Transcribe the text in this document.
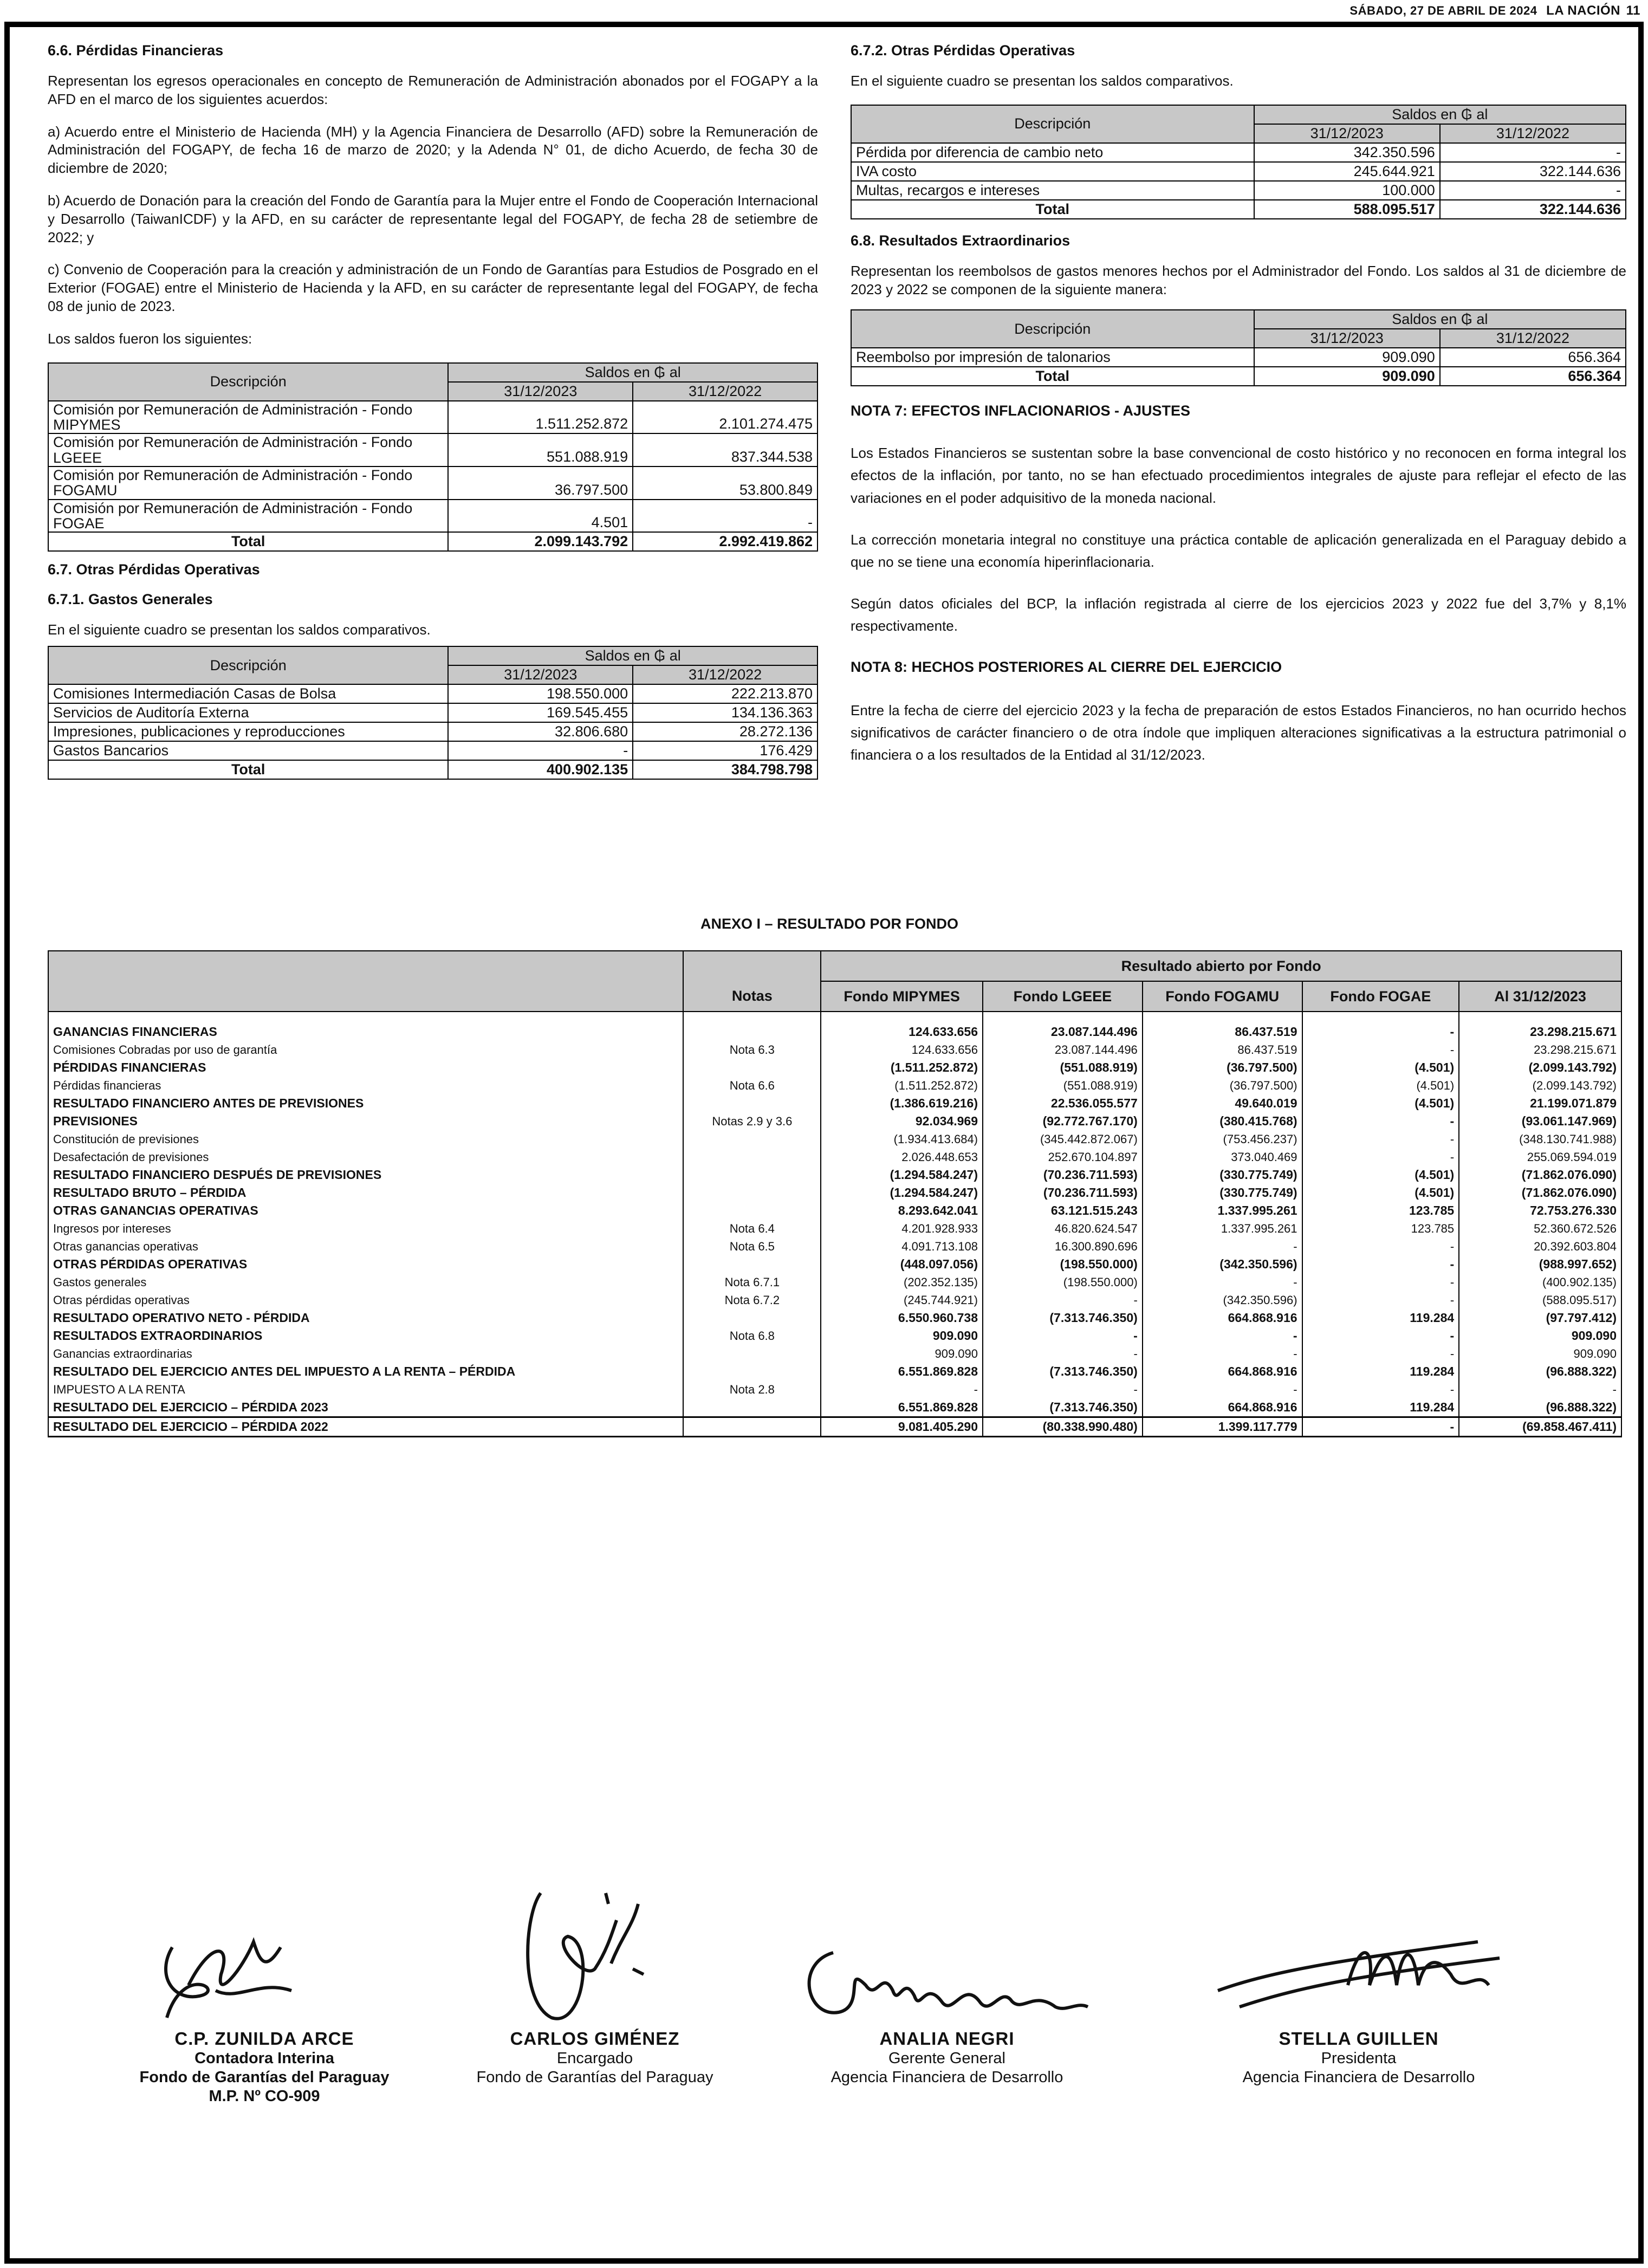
SÁBADO, 27 DE ABRIL DE 2024 LA NACIÓN 11
6.6. Pérdidas Financieras

Representan los egresos operacionales en concepto de Remuneración de Administración abonados por el FOGAPY a la AFD en el marco de los siguientes acuerdos:

a) Acuerdo entre el Ministerio de Hacienda (MH) y la Agencia Financiera de Desarrollo (AFD) sobre la Remuneración de Administración del FOGAPY, de fecha 16 de marzo de 2020; y la Adenda N° 01, de dicho Acuerdo, de fecha 30 de diciembre de 2020;

b) Acuerdo de Donación para la creación del Fondo de Garantía para la Mujer entre el Fondo de Cooperación Internacional y Desarrollo (TaiwanICDF) y la AFD, en su carácter de representante legal del FOGAPY, de fecha 28 de setiembre de 2022; y

c) Convenio de Cooperación para la creación y administración de un Fondo de Garantías para Estudios de Posgrado en el Exterior (FOGAE) entre el Ministerio de Hacienda y la AFD, en su carácter de representante legal del FOGAPY, de fecha 08 de junio de 2023.

Los saldos fueron los siguientes:

Descripción	Saldos en ₲ al	
	31/12/2023	31/12/2022
Comisión por Remuneración de Administración - Fondo MIPYMES	1.511.252.872	2.101.274.475
Comisión por Remuneración de Administración - Fondo LGEEE	551.088.919	837.344.538
Comisión por Remuneración de Administración - Fondo FOGAMU	36.797.500	53.800.849
Comisión por Remuneración de Administración - Fondo FOGAE	4.501	-
Total	2.099.143.792	2.992.419.862
6.7. Otras Pérdidas Operativas
6.7.1. Gastos Generales

En el siguiente cuadro se presentan los saldos comparativos.

Descripción	Saldos en ₲ al	
	31/12/2023	31/12/2022
Comisiones Intermediación Casas de Bolsa	198.550.000	222.213.870
Servicios de Auditoría Externa	169.545.455	134.136.363
Impresiones, publicaciones y reproducciones	32.806.680	28.272.136
Gastos Bancarios	-	176.429
Total	400.902.135	384.798.798
6.7.2. Otras Pérdidas Operativas

En el siguiente cuadro se presentan los saldos comparativos.

Descripción	Saldos en ₲ al	
	31/12/2023	31/12/2022
Pérdida por diferencia de cambio neto	342.350.596	-
IVA costo	245.644.921	322.144.636
Multas, recargos e intereses	100.000	-
Total	588.095.517	322.144.636
6.8. Resultados Extraordinarios

Representan los reembolsos de gastos menores hechos por el Administrador del Fondo. Los saldos al 31 de diciembre de 2023 y 2022 se componen de la siguiente manera:

Descripción	Saldos en ₲ al	
	31/12/2023	31/12/2022
Reembolso por impresión de talonarios	909.090	656.364
Total	909.090	656.364
NOTA 7: EFECTOS INFLACIONARIOS - AJUSTES

Los Estados Financieros se sustentan sobre la base convencional de costo histórico y no reconocen en forma integral los efectos de la inflación, por tanto, no se han efectuado procedimientos integrales de ajuste para reflejar el efecto de las variaciones en el poder adquisitivo de la moneda nacional.

La corrección monetaria integral no constituye una práctica contable de aplicación generalizada en el Paraguay debido a que no se tiene una economía hiperinflacionaria.

Según datos oficiales del BCP, la inflación registrada al cierre de los ejercicios 2023 y 2022 fue del 3,7% y 8,1% respectivamente.

NOTA 8: HECHOS POSTERIORES AL CIERRE DEL EJERCICIO

Entre la fecha de cierre del ejercicio 2023 y la fecha de preparación de estos Estados Financieros, no han ocurrido hechos significativos de carácter financiero o de otra índole que impliquen alteraciones significativas a la estructura patrimonial o financiera o a los resultados de la Entidad al 31/12/2023.

ANEXO I – RESULTADO POR FONDO
	Notas	Resultado abierto por Fondo				
		Fondo MIPYMES	Fondo LGEEE	Fondo FOGAMU	Fondo FOGAE	Al 31/12/2023
GANANCIAS FINANCIERAS		124.633.656	23.087.144.496	86.437.519	-	23.298.215.671
Comisiones Cobradas por uso de garantía	Nota 6.3	124.633.656	23.087.144.496	86.437.519	-	23.298.215.671
PÉRDIDAS FINANCIERAS		(1.511.252.872)	(551.088.919)	(36.797.500)	(4.501)	(2.099.143.792)
Pérdidas financieras	Nota 6.6	(1.511.252.872)	(551.088.919)	(36.797.500)	(4.501)	(2.099.143.792)
RESULTADO FINANCIERO ANTES DE PREVISIONES		(1.386.619.216)	22.536.055.577	49.640.019	(4.501)	21.199.071.879
PREVISIONES	Notas 2.9 y 3.6	92.034.969	(92.772.767.170)	(380.415.768)	-	(93.061.147.969)
Constitución de previsiones		(1.934.413.684)	(345.442.872.067)	(753.456.237)	-	(348.130.741.988)
Desafectación de previsiones		2.026.448.653	252.670.104.897	373.040.469	-	255.069.594.019
RESULTADO FINANCIERO DESPUÉS DE PREVISIONES		(1.294.584.247)	(70.236.711.593)	(330.775.749)	(4.501)	(71.862.076.090)
RESULTADO BRUTO – PÉRDIDA		(1.294.584.247)	(70.236.711.593)	(330.775.749)	(4.501)	(71.862.076.090)
OTRAS GANANCIAS OPERATIVAS		8.293.642.041	63.121.515.243	1.337.995.261	123.785	72.753.276.330
Ingresos por intereses	Nota 6.4	4.201.928.933	46.820.624.547	1.337.995.261	123.785	52.360.672.526
Otras ganancias operativas	Nota 6.5	4.091.713.108	16.300.890.696	-	-	20.392.603.804
OTRAS PÉRDIDAS OPERATIVAS		(448.097.056)	(198.550.000)	(342.350.596)	-	(988.997.652)
Gastos generales	Nota 6.7.1	(202.352.135)	(198.550.000)	-	-	(400.902.135)
Otras pérdidas operativas	Nota 6.7.2	(245.744.921)	-	(342.350.596)	-	(588.095.517)
RESULTADO OPERATIVO NETO - PÉRDIDA		6.550.960.738	(7.313.746.350)	664.868.916	119.284	(97.797.412)
RESULTADOS EXTRAORDINARIOS	Nota 6.8	909.090	-	-	-	909.090
Ganancias extraordinarias		909.090	-	-	-	909.090
RESULTADO DEL EJERCICIO ANTES DEL IMPUESTO A LA RENTA – PÉRDIDA		6.551.869.828	(7.313.746.350)	664.868.916	119.284	(96.888.322)
IMPUESTO A LA RENTA	Nota 2.8	-	-	-	-	-
RESULTADO DEL EJERCICIO – PÉRDIDA 2023		6.551.869.828	(7.313.746.350)	664.868.916	119.284	(96.888.322)
RESULTADO DEL EJERCICIO – PÉRDIDA 2022		9.081.405.290	(80.338.990.480)	1.399.117.779	-	(69.858.467.411)
C.P. ZUNILDA ARCE
Contadora Interina
Fondo de Garantías del Paraguay
M.P. Nº CO-909
CARLOS GIMÉNEZ
Encargado
Fondo de Garantías del Paraguay
ANALIA NEGRI
Gerente General
Agencia Financiera de Desarrollo
STELLA GUILLEN
Presidenta
Agencia Financiera de Desarrollo
